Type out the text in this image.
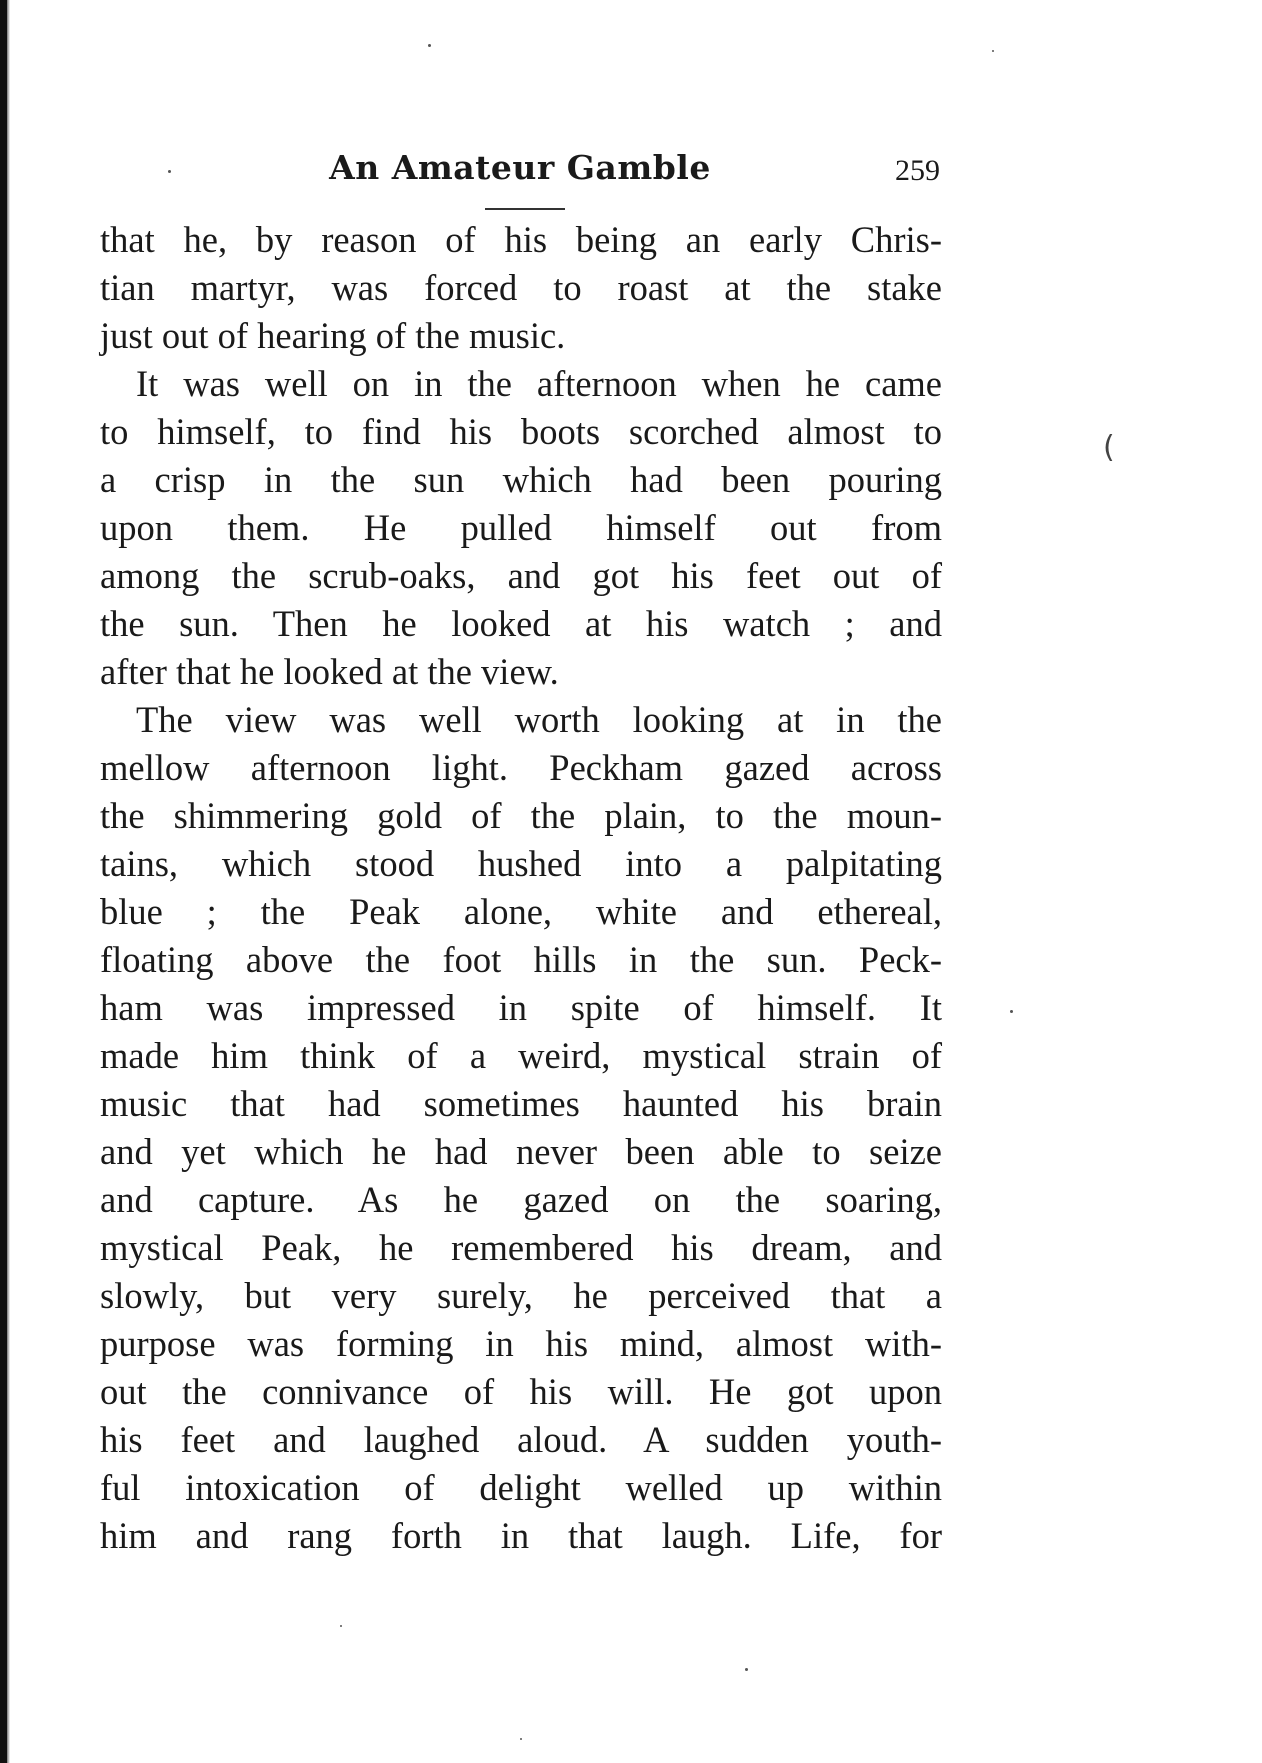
An Amateur Gamble	259
that he, by reason of his being an early Chris-
tian martyr, was forced to roast at the stake
just out of hearing of the music.
It was well on in the afternoon when he came
to himself, to find his boots scorched almost to
a crisp in the sun which had been pouring
upon them. He pulled himself out from
among the scrub-oaks, and got his feet out of
the sun. Then he looked at his watch ; and
after that he looked at the view.
The view was well worth looking at in the
mellow afternoon light. Peckham gazed across
the shimmering gold of the plain, to the moun-
tains, which stood hushed into a palpitating
blue ; the Peak alone, white and ethereal,
floating above the foot hills in the sun. Peck-
ham was impressed in spite of himself. It
made him think of a weird, mystical strain of
music that had sometimes haunted his brain
and yet which he had never been able to seize
and capture. As he gazed on the soaring,
mystical Peak, he remembered his dream, and
slowly, but very surely, he perceived that a
purpose was forming in his mind, almost with-
out the connivance of his will. He got upon
his feet and laughed aloud. A sudden youth-
ful intoxication of delight welled up within
him and rang forth in that laugh. Life, for
(
